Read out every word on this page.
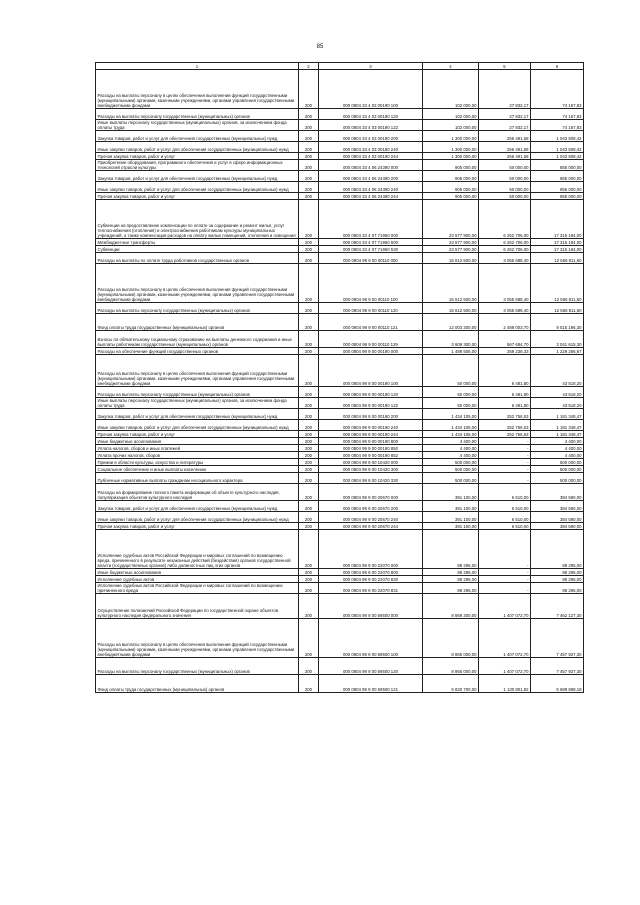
85
1	2	3	4	5	6
Расходы на выплаты персоналу в целях обеспечения выполнения функций государственными (муниципальными) органами, казенными учреждениями, органами управления государственными внебюджетными фондами	200	000 0804 33 4 03 00190 100	102 000,00	27 832,17	74 167,83
Расходы на выплаты персоналу государственных (муниципальных) органов	200	000 0804 33 4 03 00190 120	102 000,00	27 832,17	74 167,83
Иные выплаты персоналу государственных (муниципальных) органов, за исключением фонда оплаты труда	200	000 0804 33 4 03 00190 122	102 000,00	27 832,17	74 167,83
Закупка товаров, работ и услуг для обеспечения государственных (муниципальных) нужд	200	000 0804 33 4 03 00190 200	1 300 000,00	256 491,58	1 043 508,42
Иные закупки товаров, работ и услуг для обеспечения государственных (муниципальных) нужд	200	000 0804 33 4 03 00190 240	1 300 000,00	256 491,58	1 043 508,42
Прочая закупка товаров, работ и услуг	200	000 0804 33 4 03 00190 244	1 300 000,00	256 491,58	1 043 508,42
Приобретение оборудования, программного обеспечения и услуг в сфере информационных технологий отрасли культуры	200	000 0804 33 4 06 24390 000	905 000,00	50 000,00	855 000,00
Закупка товаров, работ и услуг для обеспечения государственных (муниципальных) нужд	200	000 0804 33 4 06 24390 200	905 000,00	50 000,00	855 000,00
Иные закупки товаров, работ и услуг для обеспечения государственных (муниципальных) нужд	200	000 0804 33 4 06 24390 240	905 000,00	50 000,00	855 000,00
Прочая закупка товаров, работ и услуг	200	000 0804 33 4 06 24390 244	905 000,00	50 000,00	855 000,00
Субвенции на предоставление компенсации по оплате за содержание и ремонт жилья, услуг теплоснабжения (отопления) и электроснабжения работникам культуры муниципальных учреждений, а также компенсации расходов на оплату жилых помещений, отопления и освещения	200	000 0804 33 4 07 71960 000	23 577 900,00	6 262 706,00	17 315 194,00
Межбюджетные трансферты	200	000 0804 33 4 07 71960 500	23 577 900,00	6 262 706,00	17 315 194,00
Субвенции	200	000 0804 33 4 07 71960 530	23 577 900,00	6 262 706,00	17 315 194,00
Расходы на выплаты по оплате труда работников государственных органов	200	000 0804 99 9 00 00110 000	15 612 500,00	3 055 688,40	12 556 811,60
Расходы на выплаты персоналу в целях обеспечения выполнения функций государственными (муниципальными) органами, казенными учреждениями, органами управления государственными внебюджетными фондами	200	000 0804 99 9 00 00110 100	15 612 500,00	3 055 688,40	12 556 811,60
Расходы на выплаты персоналу государственных (муниципальных) органов	200	000 0804 99 9 00 00110 120	15 612 500,00	3 055 688,40	12 556 811,60
Фонд оплаты труда государственных (муниципальных) органов	200	000 0804 99 9 00 00110 121	12 003 200,00	2 488 003,70	9 515 196,30
Взносы по обязательному социальному страхованию на выплаты денежного содержания и иные выплаты работникам государственных (муниципальных) органов	200	000 0804 99 9 00 00110 129	3 609 300,00	567 684,70	3 041 615,30
Расходы на обеспечение функций государственных органов	200	000 0804 99 9 00 00190 000	1 488 505,00	259 238,33	1 229 266,67
Расходы на выплаты персоналу в целях обеспечения выполнения функций государственными (муниципальными) органами, казенными учреждениями, органами управления государственными внебюджетными фондами	200	000 0804 99 9 00 00190 100	50 000,00	6 481,80	43 518,20
Расходы на выплаты персоналу государственных (муниципальных) органов	200	000 0804 99 9 00 00190 120	50 000,00	6 481,80	43 518,20
Иные выплаты персоналу государственных (муниципальных) органов, за исключением фонда оплаты труда	200	000 0804 99 9 00 00190 122	50 000,00	6 481,80	43 518,20
Закупка товаров, работ и услуг для обеспечения государственных (муниципальных) нужд	200	000 0804 99 9 00 00190 200	1 434 105,00	252 756,53	1 181 348,47
Иные закупки товаров, работ и услуг для обеспечения государственных (муниципальных) нужд	200	000 0804 99 9 00 00190 240	1 434 105,00	252 756,53	1 181 348,47
Прочая закупка товаров, работ и услуг	200	000 0804 99 9 00 00190 244	1 434 105,00	252 756,53	1 181 348,47
Иные бюджетные ассигнования	200	000 0804 99 9 00 00190 800	4 400,00	-	4 400,00
Уплата налогов, сборов и иных платежей	200	000 0804 99 9 00 00190 850	4 400,00	-	4 400,00
Уплата прочих налогов, сборов	200	000 0804 99 9 00 00190 852	4 400,00	-	4 400,00
Премии в области культуры, искусства и литературы	200	000 0804 99 9 00 10420 000	500 000,00	-	500 000,00
Социальное обеспечение и иные выплаты населению	200	000 0804 99 9 00 10420 300	500 000,00	-	500 000,00
Публичные нормативные выплаты гражданам несоциального характера	200	000 0804 99 9 00 10420 330	500 000,00	-	500 000,00
Расходы на формирование полного пакета информации об объекте культурного наследия, популяризация объектов культурного наследия	200	000 0804 99 9 00 20670 000	391 100,00	6 510,00	384 590,00
Закупка товаров, работ и услуг для обеспечения государственных (муниципальных) нужд	200	000 0804 99 9 00 20670 200	391 100,00	6 510,00	384 590,00
Иные закупки товаров, работ и услуг для обеспечения государственных (муниципальных) нужд	200	000 0804 99 9 00 20670 240	391 100,00	6 510,00	384 590,00
Прочая закупка товаров, работ и услуг	200	000 0804 99 9 00 20670 244	391 100,00	6 510,00	384 590,00
Исполнение судебных актов Российской Федерации и мировых соглашений по возмещению вреда, причиненного в результате незаконных действий (бездействия) органов государственной власти (государственных органов) либо должностных лиц этих органов	200	000 0804 99 9 00 22070 000	88 295,00	-	88 295,00
Иные бюджетные ассигнования	200	000 0804 99 9 00 22070 800	88 295,00	-	88 295,00
Исполнение судебных актов	200	000 0804 99 9 00 22070 830	88 295,00	-	88 295,00
Исполнение судебных актов Российской Федерации и мировых соглашений по возмещению причиненного вреда	200	000 0804 99 9 00 22070 831	88 295,00	-	88 295,00
Осуществление полномочий Российской Федерации по государственной охране объектов культурного наследия федерального значения	200	000 0804 99 9 00 59500 000	8 869 200,00	1 407 072,70	7 462 127,30
Расходы на выплаты персоналу в целях обеспечения выполнения функций государственными (муниципальными) органами, казенными учреждениями, органами управления государственными внебюджетными фондами	200	000 0804 99 9 00 59500 100	8 865 000,00	1 407 072,70	7 457 927,30
Расходы на выплаты персоналу государственных (муниципальных) органов	200	000 0804 99 9 00 59500 120	8 865 000,00	1 407 072,70	7 457 927,30
Фонд оплаты труда государственных (муниципальных) органов	200	000 0804 99 9 00 59500 121	6 820 700,00	1 130 801,82	5 689 898,18
